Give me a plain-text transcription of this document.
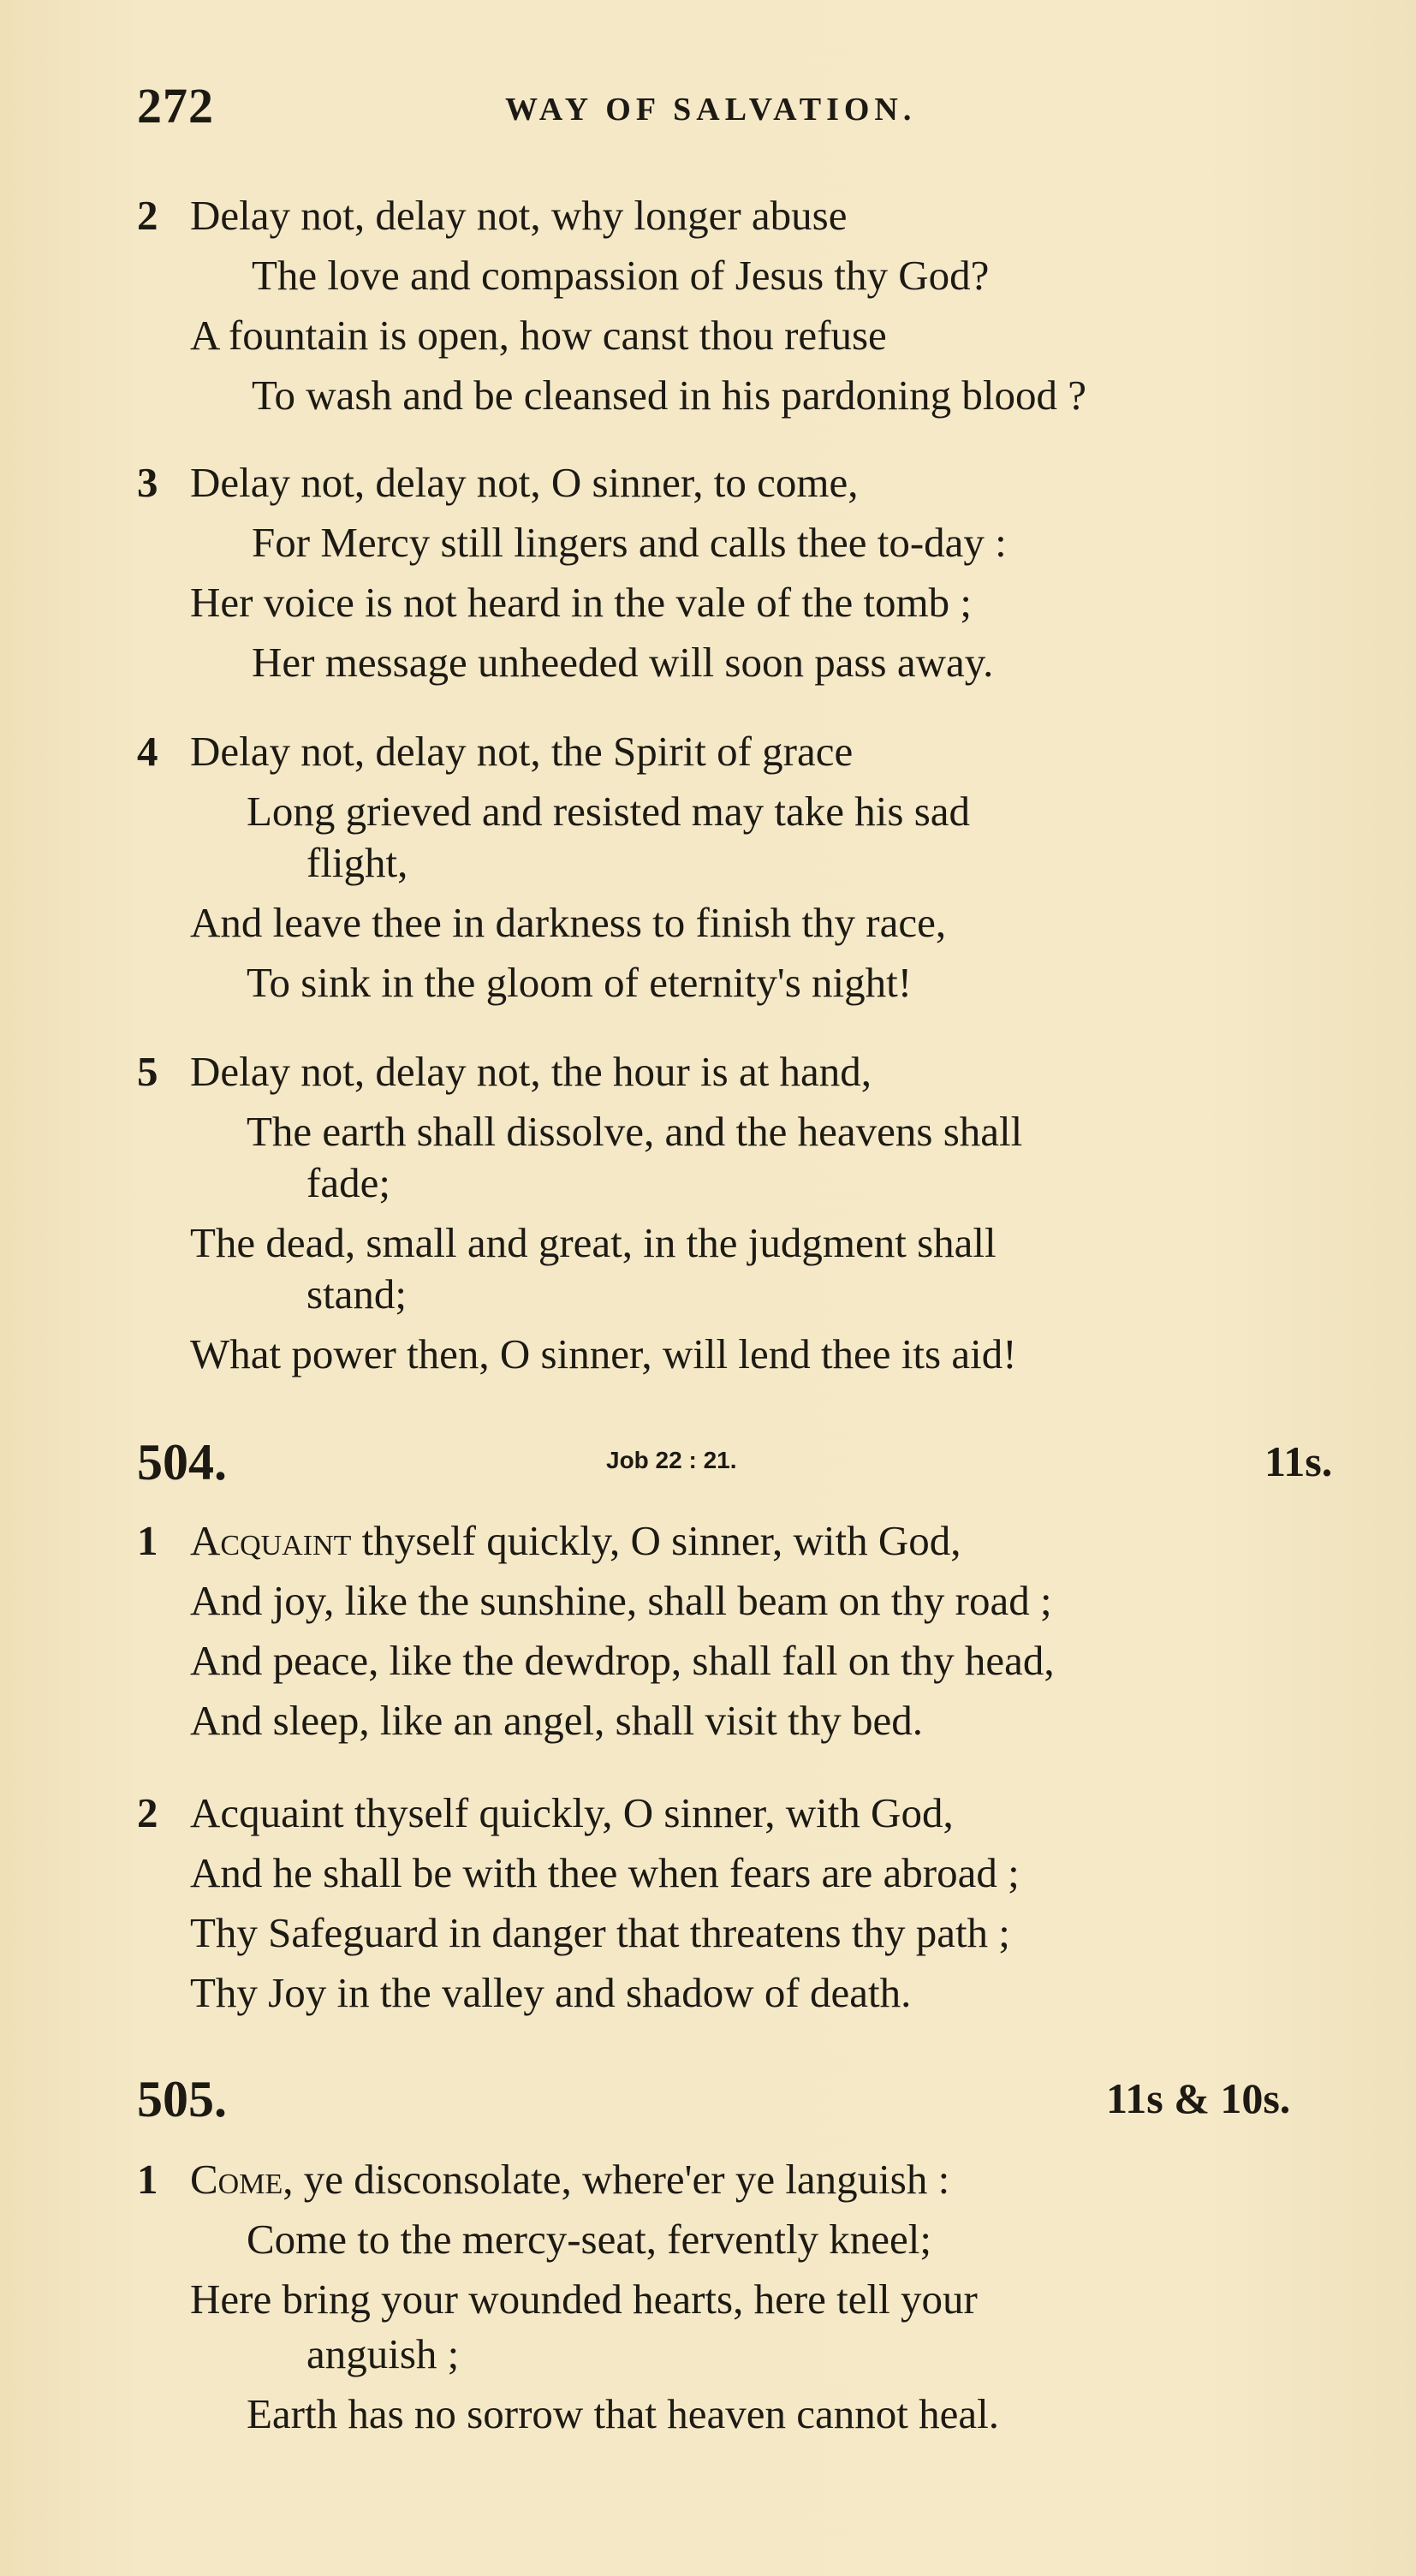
272	WAY OF SALVATION.
2 Delay not, delay not, why longer abuse
The love and compassion of Jesus thy God?
A fountain is open, how canst thou refuse
To wash and be cleansed in his pardoning blood ?
3 Delay not, delay not, O sinner, to come,
For Mercy still lingers and calls thee to-day :
Her voice is not heard in the vale of the tomb ;
Her message unheeded will soon pass away.
4 Delay not, delay not, the Spirit of grace
Long grieved and resisted may take his sad
flight,
And leave thee in darkness to finish thy race,
To sink in the gloom of eternity's night!
5 Delay not, delay not, the hour is at hand,
The earth shall dissolve, and the heavens shall
fade;
The dead, small and great, in the judgment shall
stand;
What power then, O sinner, will lend thee its aid!
504.	Job 22 : 21.	11s.
1 Acquaint thyself quickly, O sinner, with God,
And joy, like the sunshine, shall beam on thy road ;
And peace, like the dewdrop, shall fall on thy head,
And sleep, like an angel, shall visit thy bed.
2 Acquaint thyself quickly, O sinner, with God,
And he shall be with thee when fears are abroad ;
Thy Safeguard in danger that threatens thy path ;
Thy Joy in the valley and shadow of death.
505.	11s & 10s.
1 Come, ye disconsolate, where'er ye languish :
Come to the mercy-seat, fervently kneel;
Here bring your wounded hearts, here tell your
anguish ;
Earth has no sorrow that heaven cannot heal.
